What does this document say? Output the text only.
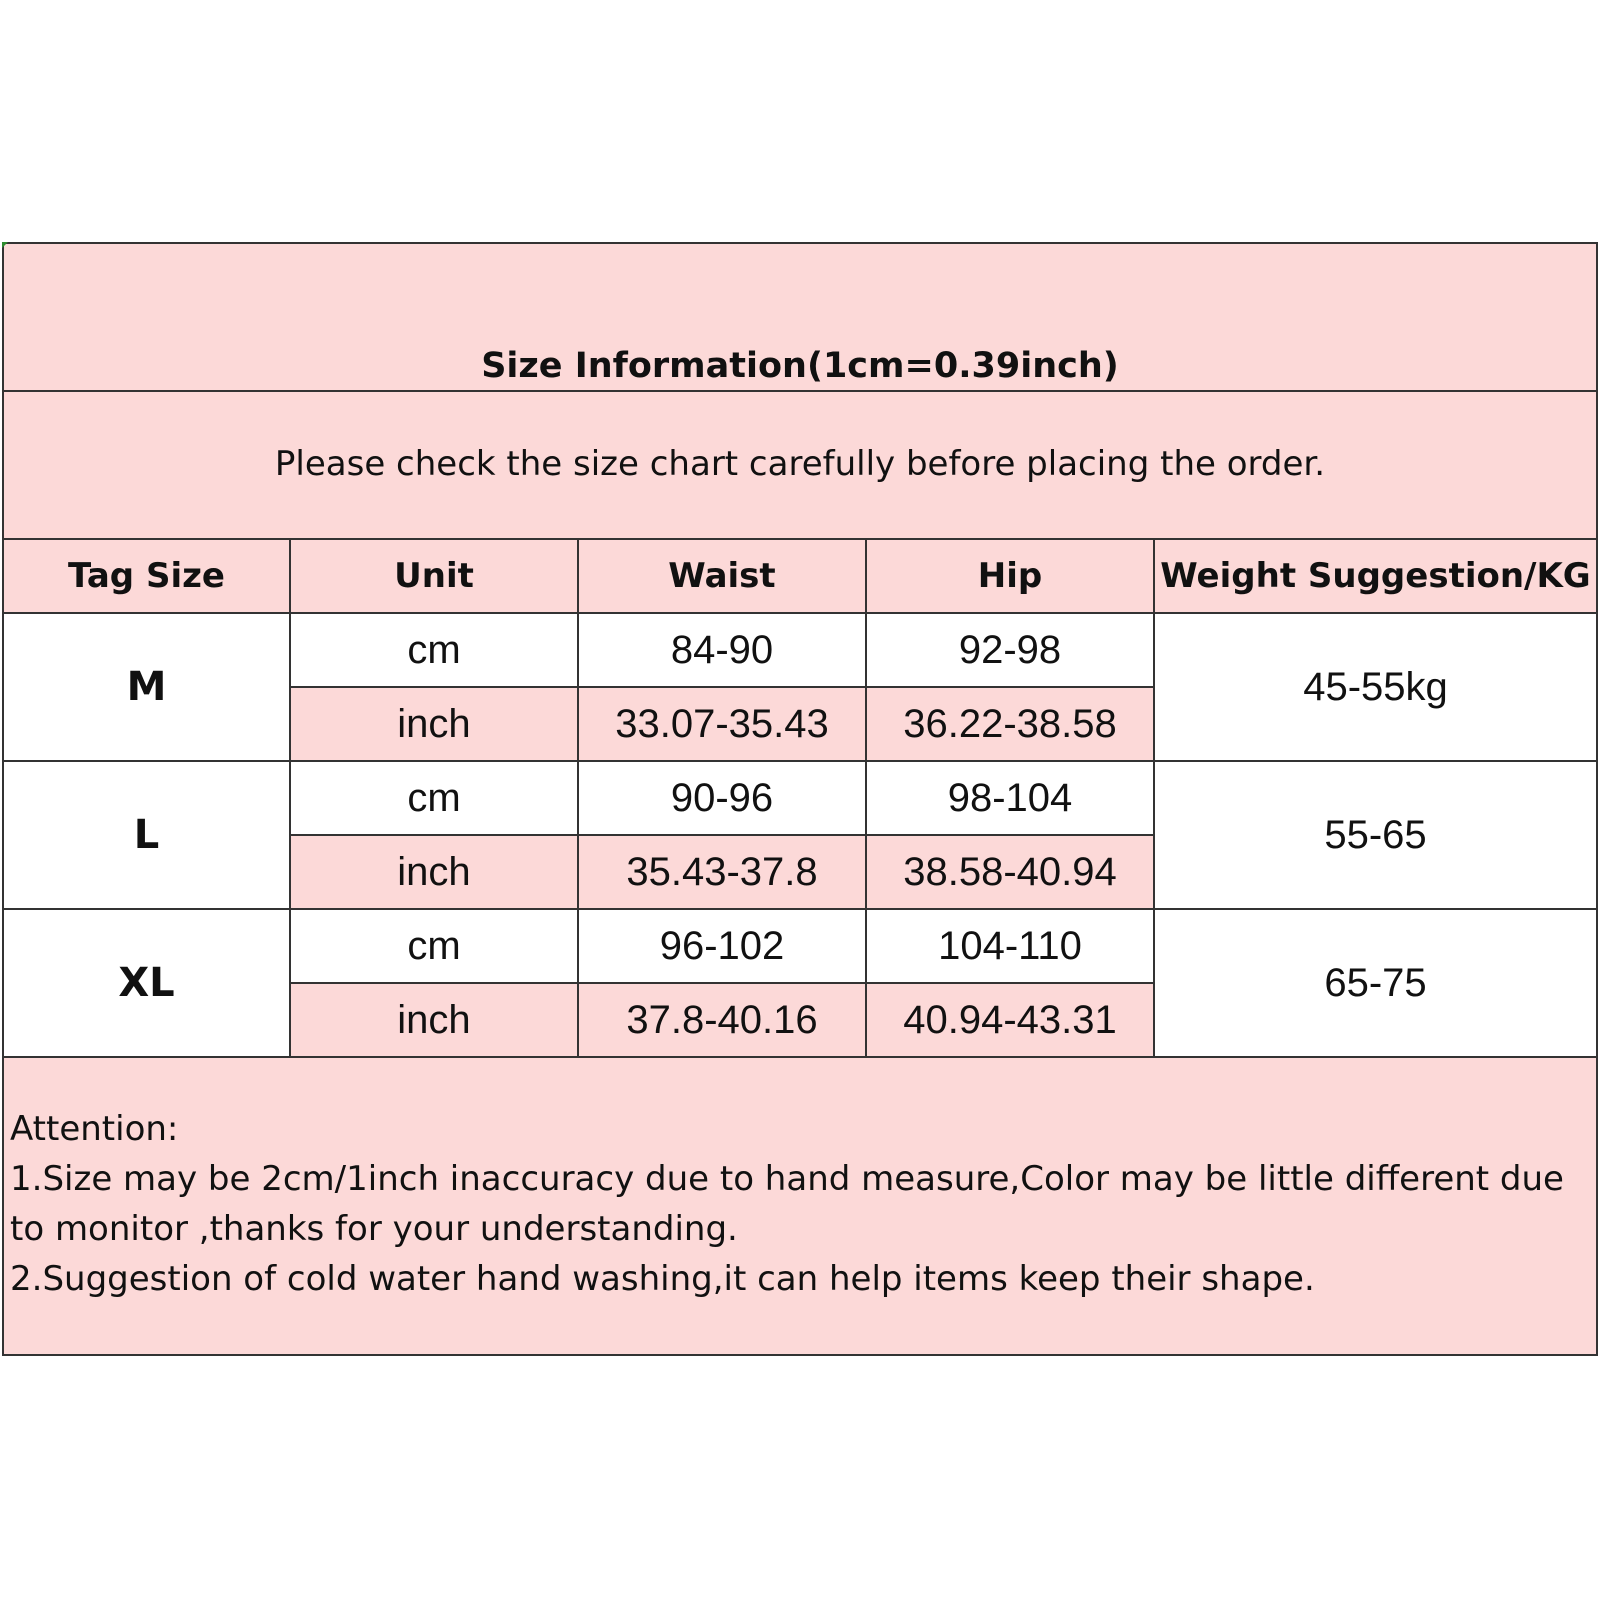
Size Information(1cm=0.39inch)
Please check the size chart carefully before placing the order.
Tag Size	Unit	Waist	Hip	Weight Suggestion/KG
M	cm	84-90	92-98	45-55kg
	inch	33.07-35.43	36.22-38.58	
L	cm	90-96	98-104	55-65
	inch	35.43-37.8	38.58-40.94	
XL	cm	96-102	104-110	65-75
	inch	37.8-40.16	40.94-43.31	
Attention:
1.Size may be 2cm/1inch inaccuracy due to hand measure,Color may be little different due
to monitor ,thanks for your understanding.
2.Suggestion of cold water hand washing,it can help items keep their shape.
